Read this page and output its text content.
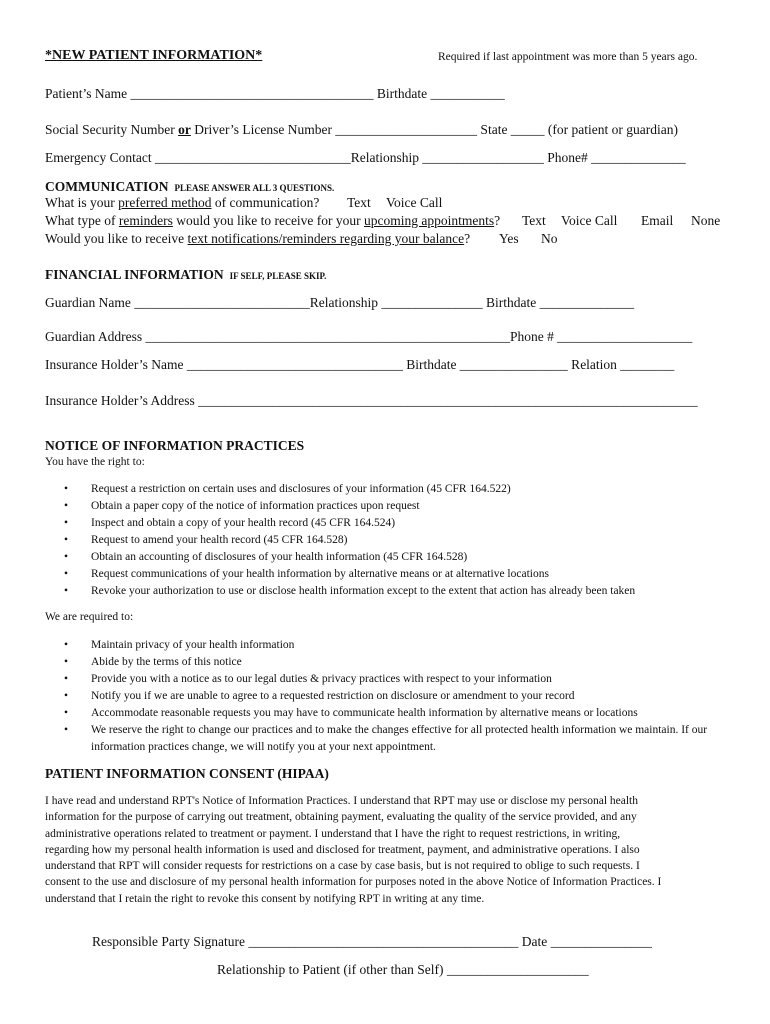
*NEW PATIENT INFORMATION*	Required if last appointment was more than 5 years ago.
Patient’s Name ____________________________________ Birthdate ___________
Social Security Number or Driver’s License Number _____________________ State _____ (for patient or guardian)
Emergency Contact _____________________________Relationship __________________ Phone# ______________
COMMUNICATION PLEASE ANSWER ALL 3 QUESTIONS.
What is your preferred method of communication? Text Voice Call
What type of reminders would you like to receive for your upcoming appointments? Text Voice Call Email None
Would you like to receive text notifications/reminders regarding your balance? Yes No
FINANCIAL INFORMATION IF SELF, PLEASE SKIP.
Guardian Name __________________________Relationship _______________ Birthdate ______________
Guardian Address ______________________________________________________Phone # ____________________
Insurance Holder’s Name ________________________________ Birthdate ________________ Relation ________
Insurance Holder’s Address __________________________________________________________________________
NOTICE OF INFORMATION PRACTICES
You have the right to:
• Request a restriction on certain uses and disclosures of your information (45 CFR 164.522)
• Obtain a paper copy of the notice of information practices upon request
• Inspect and obtain a copy of your health record (45 CFR 164.524)
• Request to amend your health record (45 CFR 164.528)
• Obtain an accounting of disclosures of your health information (45 CFR 164.528)
• Request communications of your health information by alternative means or at alternative locations
• Revoke your authorization to use or disclose health information except to the extent that action has already been taken
We are required to:
• Maintain privacy of your health information
• Abide by the terms of this notice
• Provide you with a notice as to our legal duties & privacy practices with respect to your information
• Notify you if we are unable to agree to a requested restriction on disclosure or amendment to your record
• Accommodate reasonable requests you may have to communicate health information by alternative means or locations
• We reserve the right to change our practices and to make the changes effective for all protected health information we maintain. If our information practices change, we will notify you at your next appointment.
PATIENT INFORMATION CONSENT (HIPAA)
I have read and understand RPT's Notice of Information Practices. I understand that RPT may use or disclose my personal health
information for the purpose of carrying out treatment, obtaining payment, evaluating the quality of the service provided, and any
administrative operations related to treatment or payment. I understand that I have the right to request restrictions, in writing,
regarding how my personal health information is used and disclosed for treatment, payment, and administrative operations. I also
understand that RPT will consider requests for restrictions on a case by case basis, but is not required to oblige to such requests. I
consent to the use and disclosure of my personal health information for purposes noted in the above Notice of Information Practices. I
understand that I retain the right to revoke this consent by notifying RPT in writing at any time.
Responsible Party Signature ________________________________________ Date _______________
Relationship to Patient (if other than Self) _____________________
